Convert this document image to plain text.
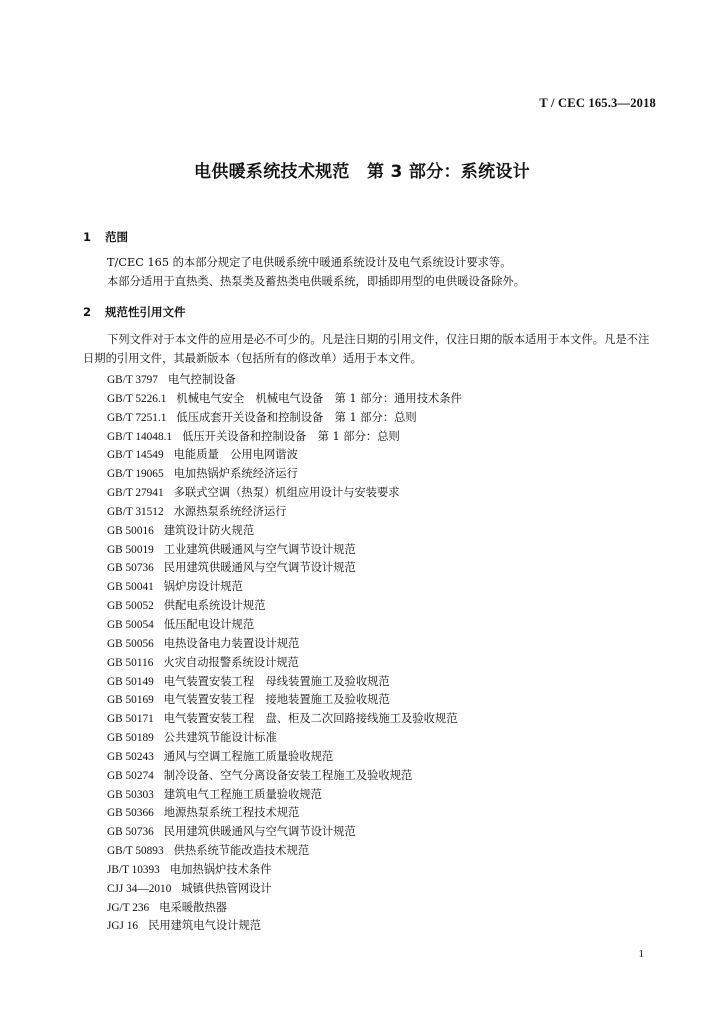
T / CEC 165.3—2018
电供暖系统技术规范　第 3 部分：系统设计
1 范围
T/CEC 165 的本部分规定了电供暖系统中暖通系统设计及电气系统设计要求等。
本部分适用于直热类、热泵类及蓄热类电供暖系统，即插即用型的电供暖设备除外。
2 规范性引用文件
下列文件对于本文件的应用是必不可少的。凡是注日期的引用文件，仅注日期的版本适用于本文件。凡是不注日期的引用文件，其最新版本（包括所有的修改单）适用于本文件。
GB/T 3797 电气控制设备
GB/T 5226.1 机械电气安全　机械电气设备　第 1 部分：通用技术条件
GB/T 7251.1 低压成套开关设备和控制设备　第 1 部分：总则
GB/T 14048.1 低压开关设备和控制设备　第 1 部分：总则
GB/T 14549 电能质量　公用电网谐波
GB/T 19065 电加热锅炉系统经济运行
GB/T 27941 多联式空调（热泵）机组应用设计与安装要求
GB/T 31512 水源热泵系统经济运行
GB 50016 建筑设计防火规范
GB 50019 工业建筑供暖通风与空气调节设计规范
GB 50736 民用建筑供暖通风与空气调节设计规范
GB 50041 锅炉房设计规范
GB 50052 供配电系统设计规范
GB 50054 低压配电设计规范
GB 50056 电热设备电力装置设计规范
GB 50116 火灾自动报警系统设计规范
GB 50149 电气装置安装工程　母线装置施工及验收规范
GB 50169 电气装置安装工程　接地装置施工及验收规范
GB 50171 电气装置安装工程　盘、柜及二次回路接线施工及验收规范
GB 50189 公共建筑节能设计标准
GB 50243 通风与空调工程施工质量验收规范
GB 50274 制冷设备、空气分离设备安装工程施工及验收规范
GB 50303 建筑电气工程施工质量验收规范
GB 50366 地源热泵系统工程技术规范
GB 50736 民用建筑供暖通风与空气调节设计规范
GB/T 50893 供热系统节能改造技术规范
JB/T 10393 电加热锅炉技术条件
CJJ 34—2010 城镇供热管网设计
JG/T 236 电采暖散热器
JGJ 16 民用建筑电气设计规范
1
